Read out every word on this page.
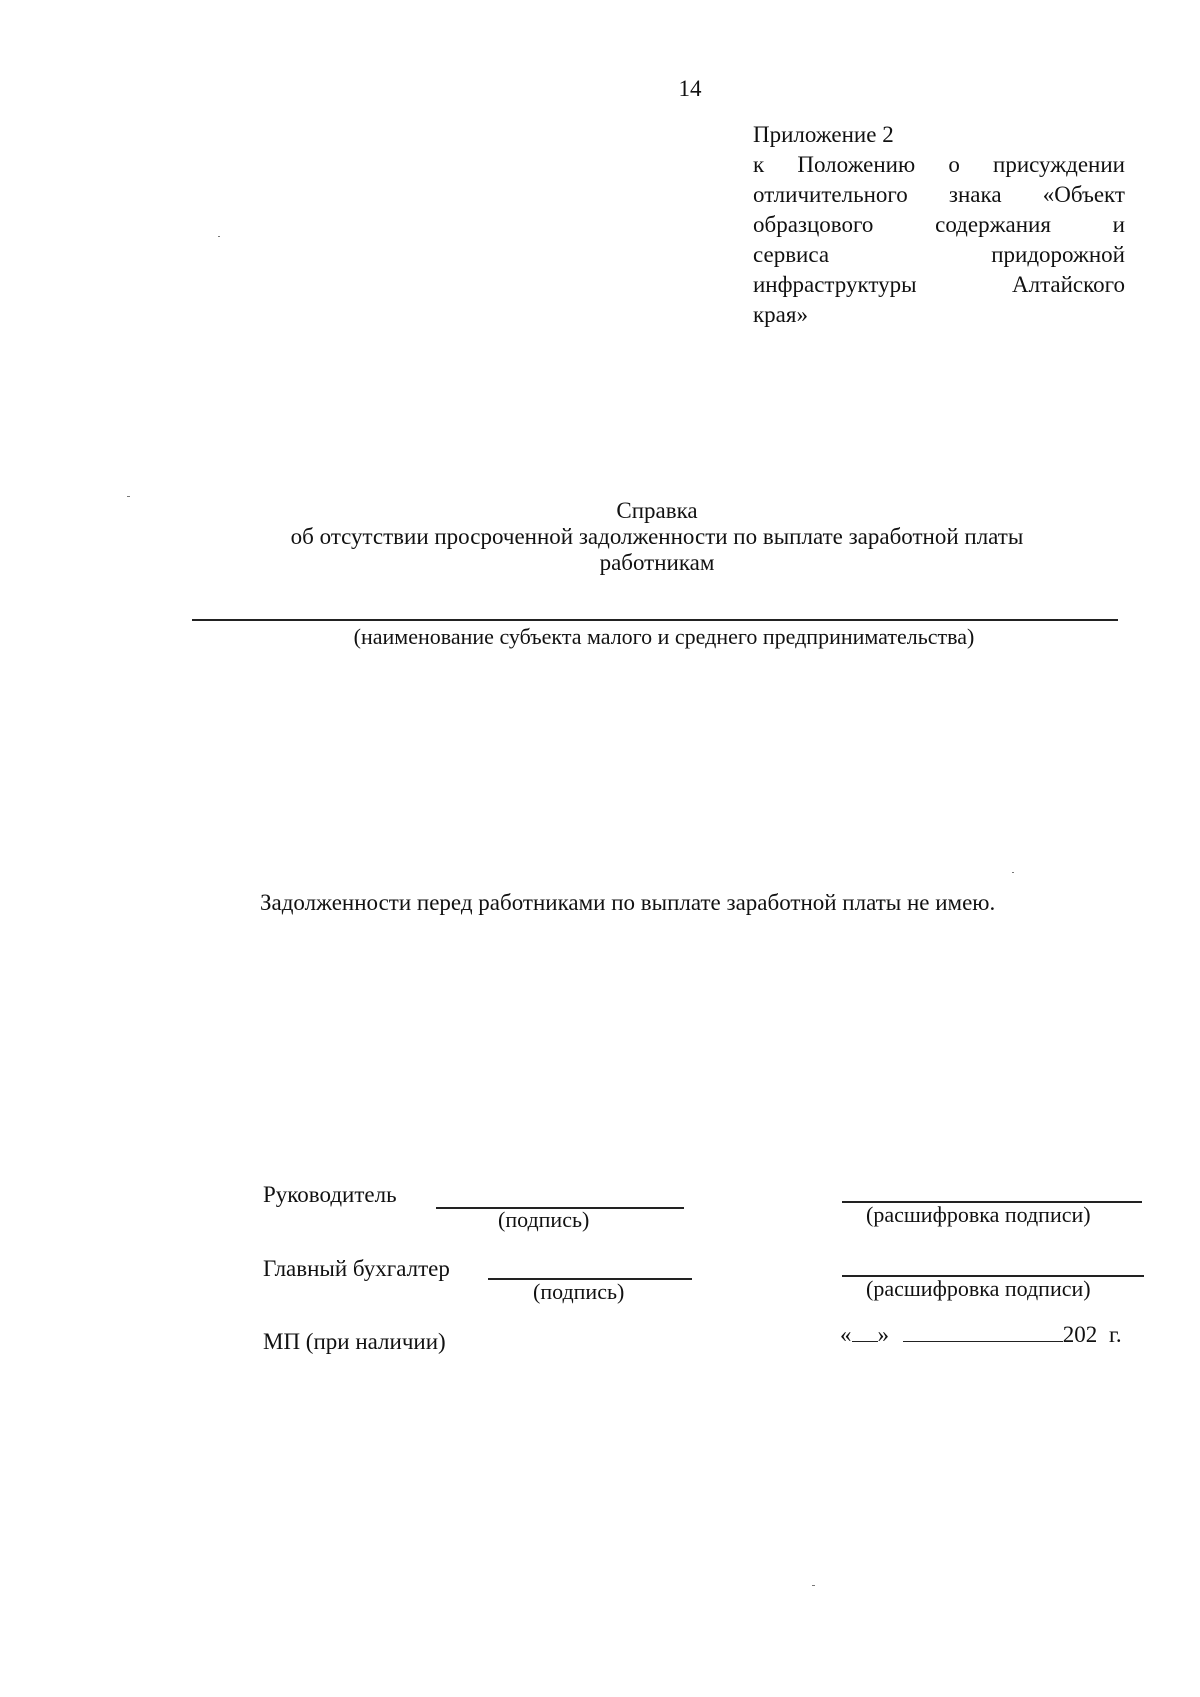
14
Приложение 2
к Положению о присуждении
отличительного знака «Объект
образцового	содержания	и
сервиса	придорожной
инфраструктуры	Алтайского
края»
Справка
об отсутствии просроченной задолженности по выплате заработной платы
работникам
(наименование субъекта малого и среднего предпринимательства)
Задолженности перед работниками по выплате заработной платы не имею.
Руководитель
(подпись)	(расшифровка подписи)
Главный бухгалтер
(подпись)	(расшифровка подписи)
МП (при наличии)	« »	202 г.
